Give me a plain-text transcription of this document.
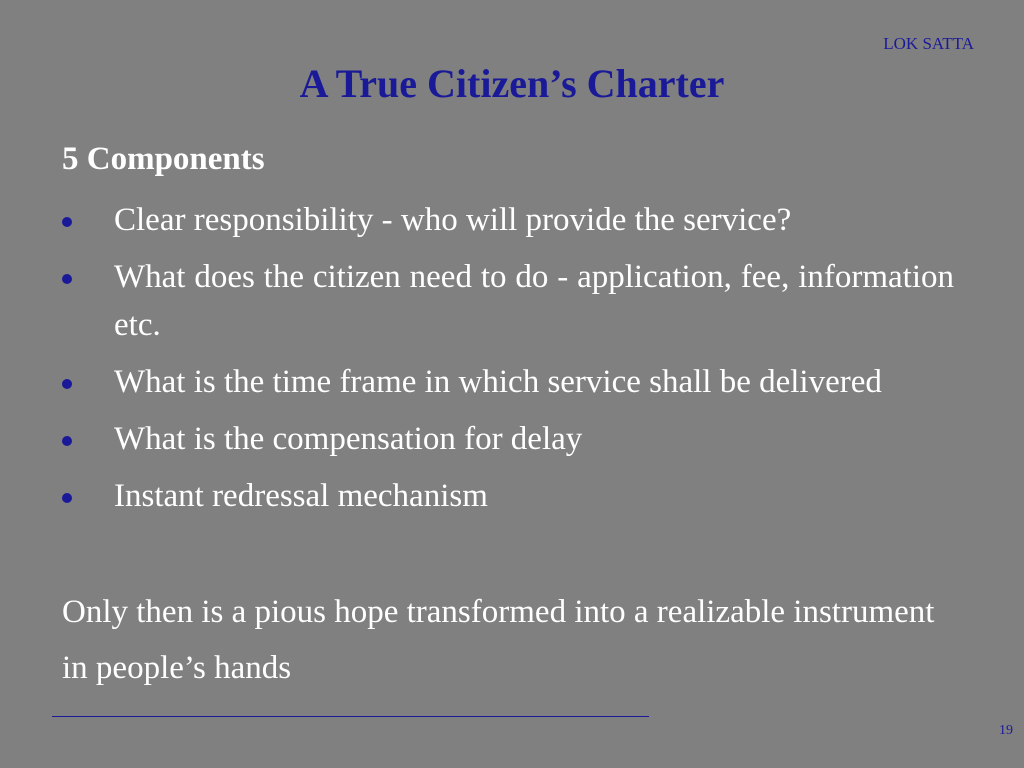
LOK SATTA
A True Citizen’s Charter
5 Components
Clear responsibility - who will provide the service?
What does the citizen need to do - application, fee, information etc.
What is the time frame in which service shall be delivered
What is the compensation for delay
Instant redressal mechanism
Only then is a pious hope transformed into a realizable instrument in people’s hands
19
